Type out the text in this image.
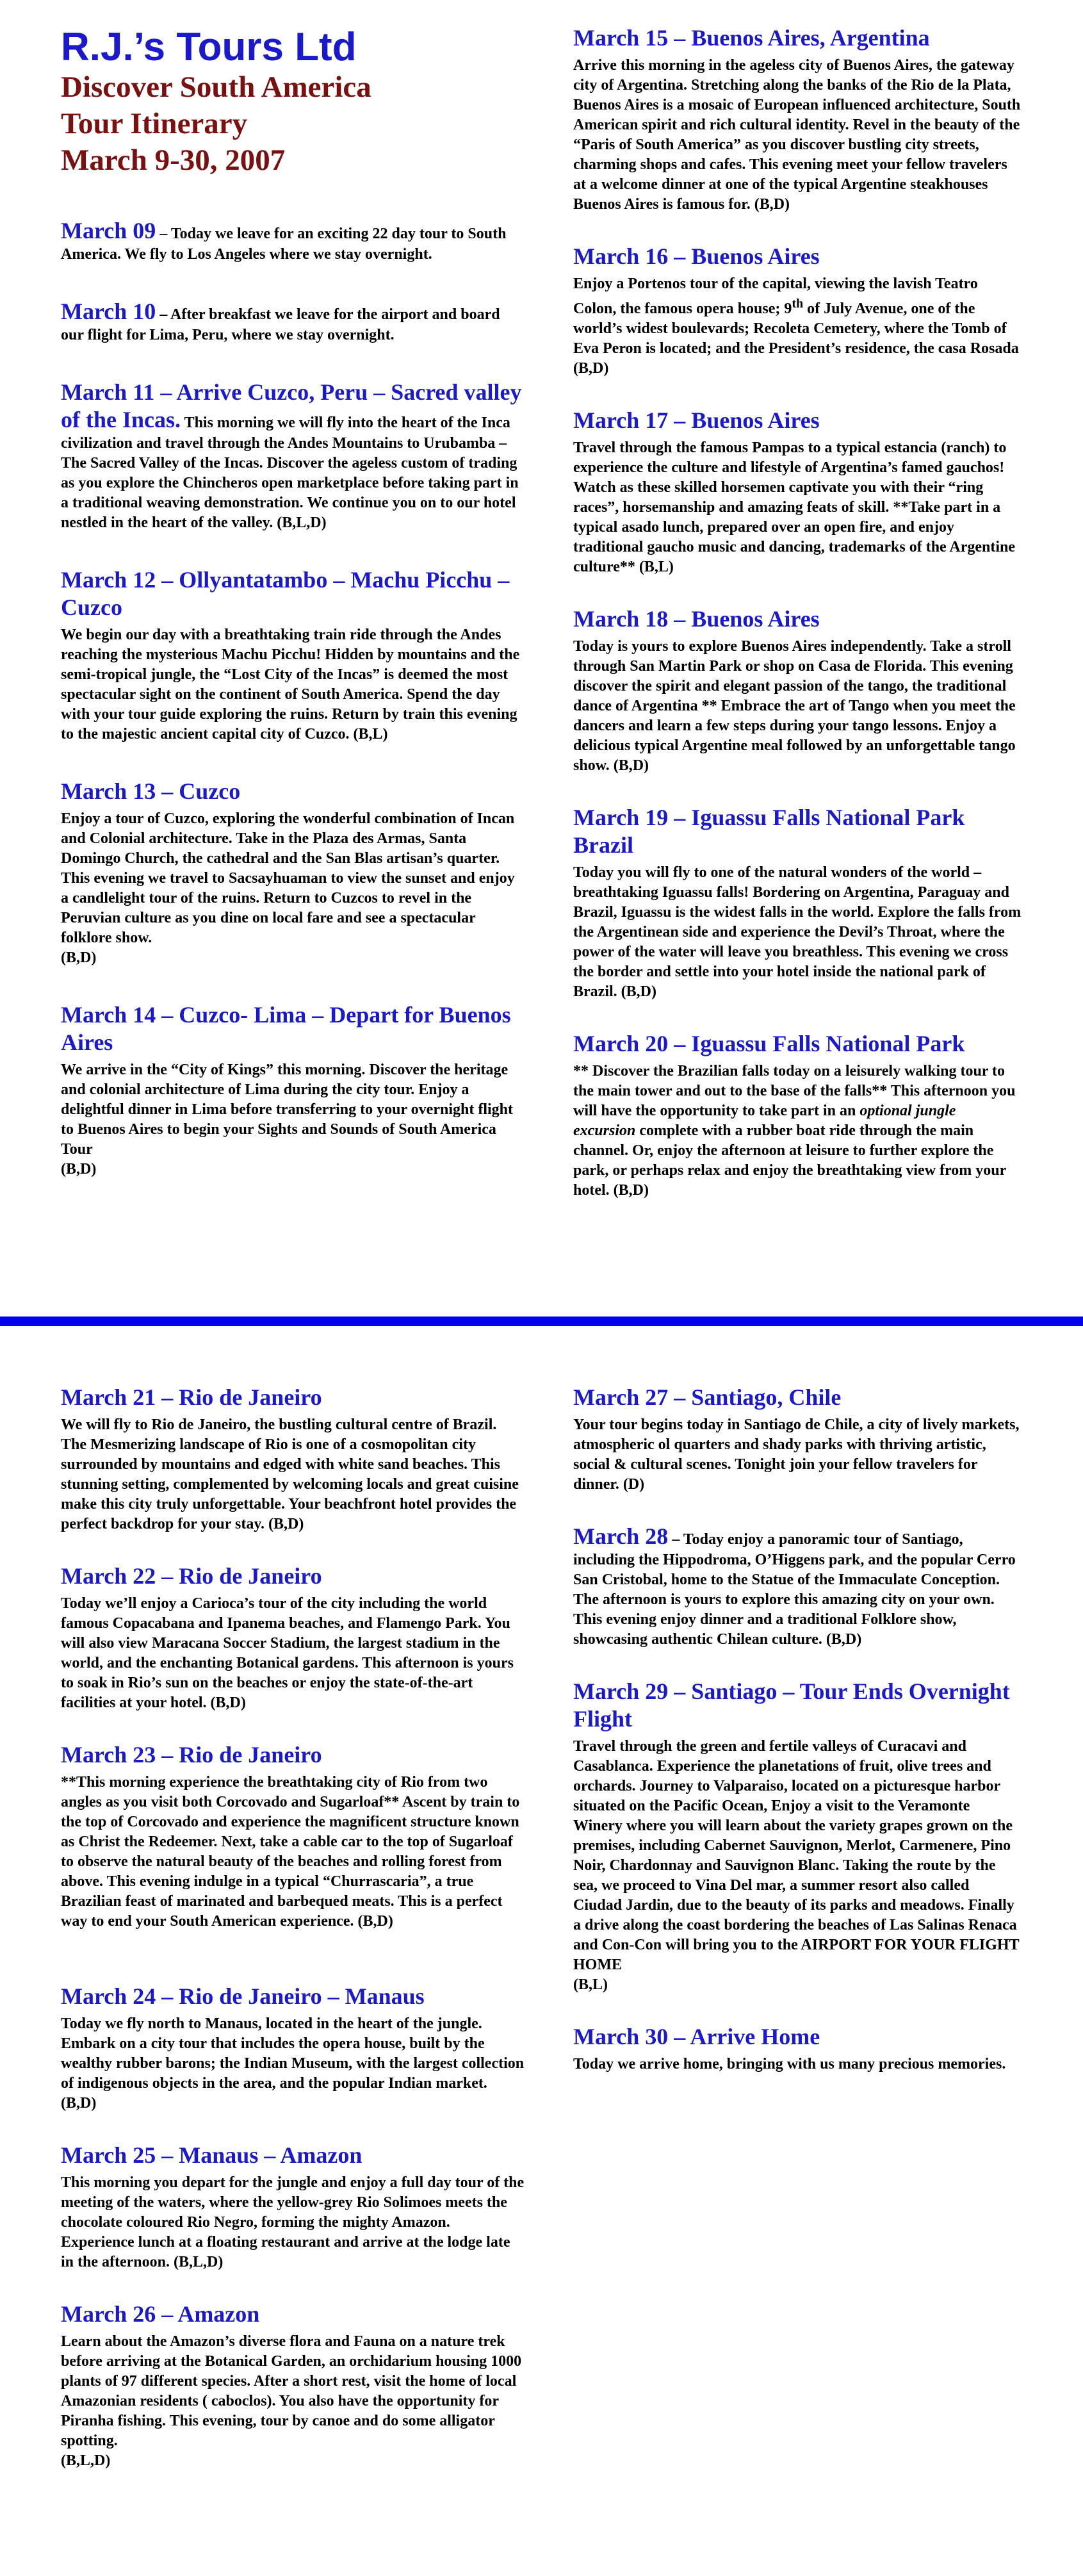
R.J.’s Tours Ltd
Discover South America
Tour Itinerary
March 9-30, 2007
March 09

– Today we leave for an exciting 22 day tour to South America. We fly to Los Angeles where we stay overnight.

March 10

– After breakfast we leave for the airport and board our flight for Lima, Peru, where we stay overnight.

March 11 – Arrive Cuzco, Peru – Sacred valley of the Incas.

This morning we will fly into the heart of the Inca civilization and travel through the Andes Mountains to Urubamba – The Sacred Valley of the Incas. Discover the ageless custom of trading as you explore the Chincheros open marketplace before taking part in a traditional weaving demonstration. We continue you on to our hotel nestled in the heart of the valley. (B,L,D)

March 12 – Ollyantatambo – Machu Picchu – Cuzco

We begin our day with a breathtaking train ride through the Andes reaching the mysterious Machu Picchu! Hidden by mountains and the semi-tropical jungle, the “Lost City of the Incas” is deemed the most spectacular sight on the continent of South America. Spend the day with your tour guide exploring the ruins. Return by train this evening to the majestic ancient capital city of Cuzco. (B,L)

March 13 – Cuzco

Enjoy a tour of Cuzco, exploring the wonderful combination of Incan and Colonial architecture. Take in the Plaza des Armas, Santa Domingo Church, the cathedral and the San Blas artisan’s quarter. This evening we travel to Sacsayhuaman to view the sunset and enjoy a candlelight tour of the ruins. Return to Cuzcos to revel in the Peruvian culture as you dine on local fare and see a spectacular folklore show.

(B,D)

March 14 – Cuzco- Lima – Depart for Buenos Aires

We arrive in the “City of Kings” this morning. Discover the heritage and colonial architecture of Lima during the city tour. Enjoy a delightful dinner in Lima before transferring to your overnight flight to Buenos Aires to begin your Sights and Sounds of South America Tour

(B,D)

March 15 – Buenos Aires, Argentina

Arrive this morning in the ageless city of Buenos Aires, the gateway city of Argentina. Stretching along the banks of the Rio de la Plata, Buenos Aires is a mosaic of European influenced architecture, South American spirit and rich cultural identity. Revel in the beauty of the “Paris of South America” as you discover bustling city streets, charming shops and cafes. This evening meet your fellow travelers at a welcome dinner at one of the typical Argentine steakhouses Buenos Aires is famous for. (B,D)

March 16 – Buenos Aires

Enjoy a Portenos tour of the capital, viewing the lavish Teatro Colon, the famous opera house; 9th of July Avenue, one of the world’s widest boulevards; Recoleta Cemetery, where the Tomb of Eva Peron is located; and the President’s residence, the casa Rosada (B,D)

March 17 – Buenos Aires

Travel through the famous Pampas to a typical estancia (ranch) to experience the culture and lifestyle of Argentina’s famed gauchos! Watch as these skilled horsemen captivate you with their “ring races”, horsemanship and amazing feats of skill. **Take part in a typical asado lunch, prepared over an open fire, and enjoy traditional gaucho music and dancing, trademarks of the Argentine culture** (B,L)

March 18 – Buenos Aires

Today is yours to explore Buenos Aires independently. Take a stroll through San Martin Park or shop on Casa de Florida. This evening discover the spirit and elegant passion of the tango, the traditional dance of Argentina ** Embrace the art of Tango when you meet the dancers and learn a few steps during your tango lessons. Enjoy a delicious typical Argentine meal followed by an unforgettable tango show. (B,D)

March 19 – Iguassu Falls National Park Brazil

Today you will fly to one of the natural wonders of the world – breathtaking Iguassu falls! Bordering on Argentina, Paraguay and Brazil, Iguassu is the widest falls in the world. Explore the falls from the Argentinean side and experience the Devil’s Throat, where the power of the water will leave you breathless. This evening we cross the border and settle into your hotel inside the national park of Brazil. (B,D)

March 20 – Iguassu Falls National Park

** Discover the Brazilian falls today on a leisurely walking tour to the main tower and out to the base of the falls** This afternoon you will have the opportunity to take part in an optional jungle excursion complete with a rubber boat ride through the main channel. Or, enjoy the afternoon at leisure to further explore the park, or perhaps relax and enjoy the breathtaking view from your hotel. (B,D)

March 21 – Rio de Janeiro

We will fly to Rio de Janeiro, the bustling cultural centre of Brazil. The Mesmerizing landscape of Rio is one of a cosmopolitan city surrounded by mountains and edged with white sand beaches. This stunning setting, complemented by welcoming locals and great cuisine make this city truly unforgettable. Your beachfront hotel provides the perfect backdrop for your stay. (B,D)

March 22 – Rio de Janeiro

Today we’ll enjoy a Carioca’s tour of the city including the world famous Copacabana and Ipanema beaches, and Flamengo Park. You will also view Maracana Soccer Stadium, the largest stadium in the world, and the enchanting Botanical gardens. This afternoon is yours to soak in Rio’s sun on the beaches or enjoy the state-of-the-art facilities at your hotel. (B,D)

March 23 – Rio de Janeiro

**This morning experience the breathtaking city of Rio from two angles as you visit both Corcovado and Sugarloaf** Ascent by train to the top of Corcovado and experience the magnificent structure known as Christ the Redeemer. Next, take a cable car to the top of Sugarloaf to observe the natural beauty of the beaches and rolling forest from above. This evening indulge in a typical “Churrascaria”, a true Brazilian feast of marinated and barbequed meats. This is a perfect way to end your South American experience. (B,D)

March 24 – Rio de Janeiro – Manaus

Today we fly north to Manaus, located in the heart of the jungle. Embark on a city tour that includes the opera house, built by the wealthy rubber barons; the Indian Museum, with the largest collection of indigenous objects in the area, and the popular Indian market. (B,D)

March 25 – Manaus – Amazon

This morning you depart for the jungle and enjoy a full day tour of the meeting of the waters, where the yellow-grey Rio Solimoes meets the chocolate coloured Rio Negro, forming the mighty Amazon. Experience lunch at a floating restaurant and arrive at the lodge late in the afternoon. (B,L,D)

March 26 – Amazon

Learn about the Amazon’s diverse flora and Fauna on a nature trek before arriving at the Botanical Garden, an orchidarium housing 1000 plants of 97 different species. After a short rest, visit the home of local Amazonian residents ( caboclos). You also have the opportunity for Piranha fishing. This evening, tour by canoe and do some alligator spotting.

(B,L,D)

March 27 – Santiago, Chile

Your tour begins today in Santiago de Chile, a city of lively markets, atmospheric ol quarters and shady parks with thriving artistic, social & cultural scenes. Tonight join your fellow travelers for dinner. (D)

March 28

– Today enjoy a panoramic tour of Santiago, including the Hippodroma, O’Higgens park, and the popular Cerro San Cristobal, home to the Statue of the Immaculate Conception. The afternoon is yours to explore this amazing city on your own. This evening enjoy dinner and a traditional Folklore show, showcasing authentic Chilean culture. (B,D)

March 29 – Santiago – Tour Ends Overnight Flight

Travel through the green and fertile valleys of Curacavi and Casablanca. Experience the planetations of fruit, olive trees and orchards. Journey to Valparaiso, located on a picturesque harbor situated on the Pacific Ocean, Enjoy a visit to the Veramonte Winery where you will learn about the variety grapes grown on the premises, including Cabernet Sauvignon, Merlot, Carmenere, Pino Noir, Chardonnay and Sauvignon Blanc. Taking the route by the sea, we proceed to Vina Del mar, a summer resort also called Ciudad Jardin, due to the beauty of its parks and meadows. Finally a drive along the coast bordering the beaches of Las Salinas Renaca and Con-Con will bring you to the AIRPORT FOR YOUR FLIGHT HOME

(B,L)

March 30 – Arrive Home

Today we arrive home, bringing with us many precious memories.
